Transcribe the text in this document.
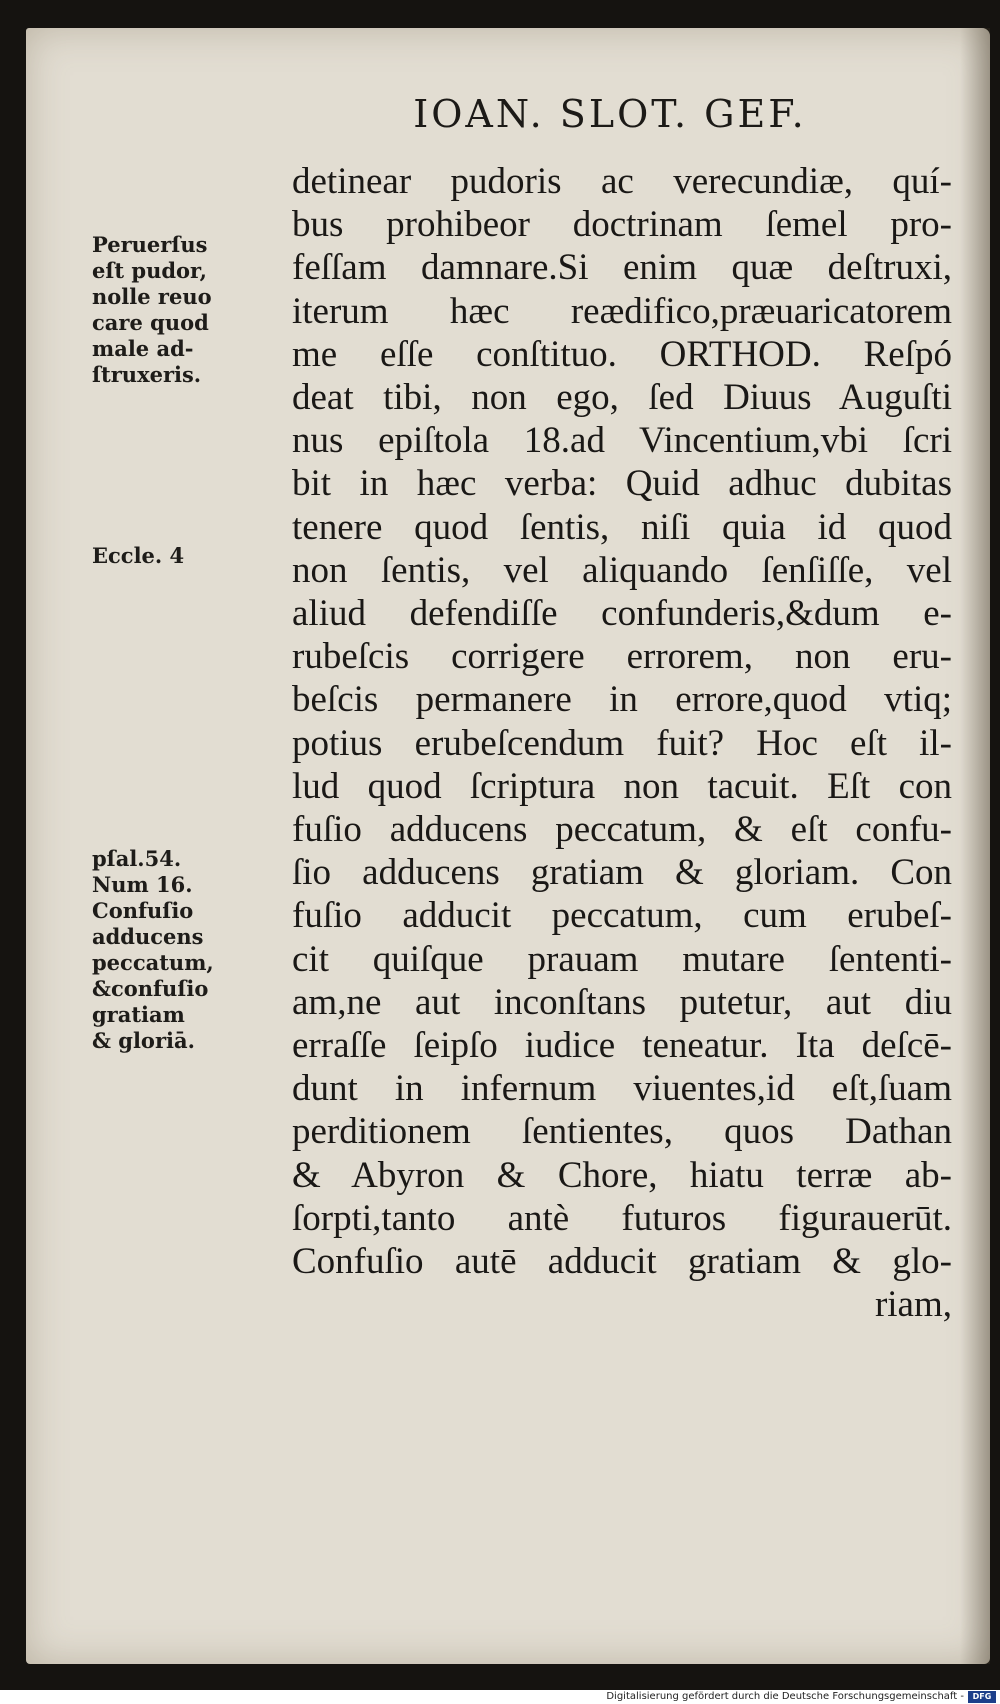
IOAN. SLOT. GEF.
Peruerſus
eſt pudor,
nolle reuo
care quod
male ad-
ſtruxeris.
Eccle. 4
pſal.54.
Num 16.
Confuſio
adducens
peccatum,
&confuſio
gratiam
& gloriā.
detinear pudoris ac verecundiæ, quí-
bus prohibeor doctrinam ſemel pro-
feſſam damnare.Si enim quæ deſtruxi,
iterum hæc reædifico,præuaricatorem
me eſſe conſtituo. ORTHOD. Reſpó
deat tibi, non ego, ſed Diuus Auguſti
nus epiſtola 18.ad Vincentium,vbi ſcri
bit in hæc verba: Quid adhuc dubitas
tenere quod ſentis, niſi quia id quod
non ſentis, vel aliquando ſenſiſſe, vel
aliud defendiſſe confunderis,&dum e-
rubeſcis corrigere errorem, non eru-
beſcis permanere in errore,quod vtiq;
potius erubeſcendum fuit? Hoc eſt il-
lud quod ſcriptura non tacuit. Eſt con
fuſio adducens peccatum, & eſt confu-
ſio adducens gratiam & gloriam. Con
fuſio adducit peccatum, cum erubeſ-
cit quiſque prauam mutare ſententi-
am,ne aut inconſtans putetur, aut diu
erraſſe ſeipſo iudice teneatur. Ita deſcē-
dunt in infernum viuentes,id eſt,ſuam
perditionem ſentientes, quos Dathan
& Abyron & Chore, hiatu terræ ab-
ſorpti,tanto antè futuros figurauerūt.
Confuſio autē adducit gratiam & glo-
riam,
Digitalisierung gefördert durch die Deutsche Forschungsgemeinschaft -	DFG
